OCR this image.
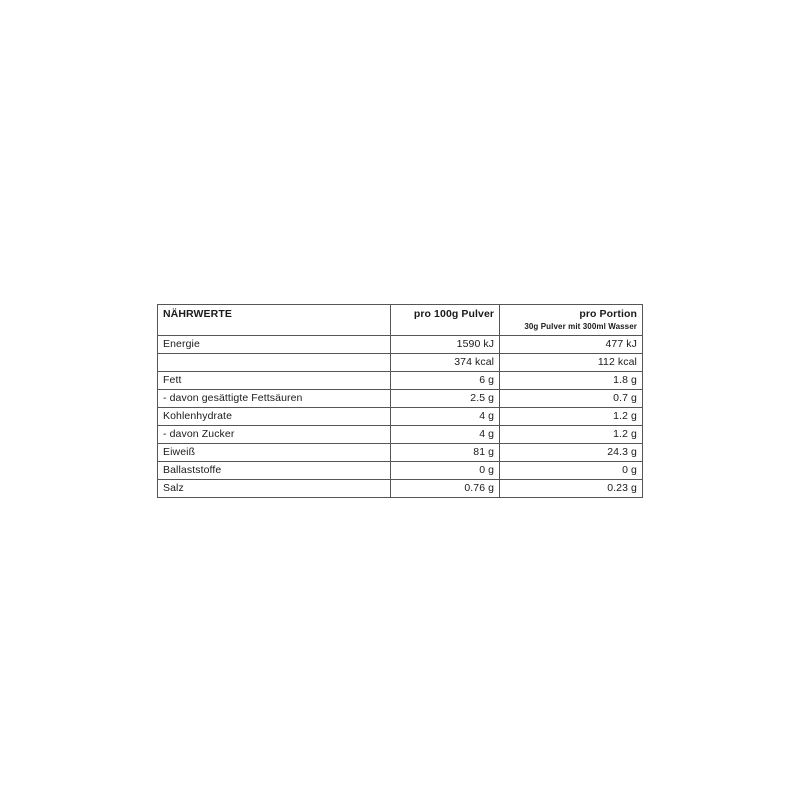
NÄHRWERTE	pro 100g Pulver	pro Portion
30g Pulver mit 300ml Wasser

Energie	1590 kJ	477 kJ
	374 kcal	112 kcal
Fett	6 g	1.8 g
- davon gesättigte Fettsäuren	2.5 g	0.7 g
Kohlenhydrate	4 g	1.2 g
- davon Zucker	4 g	1.2 g
Eiweiß	81 g	24.3 g
Ballaststoffe	0 g	0 g
Salz	0.76 g	0.23 g
